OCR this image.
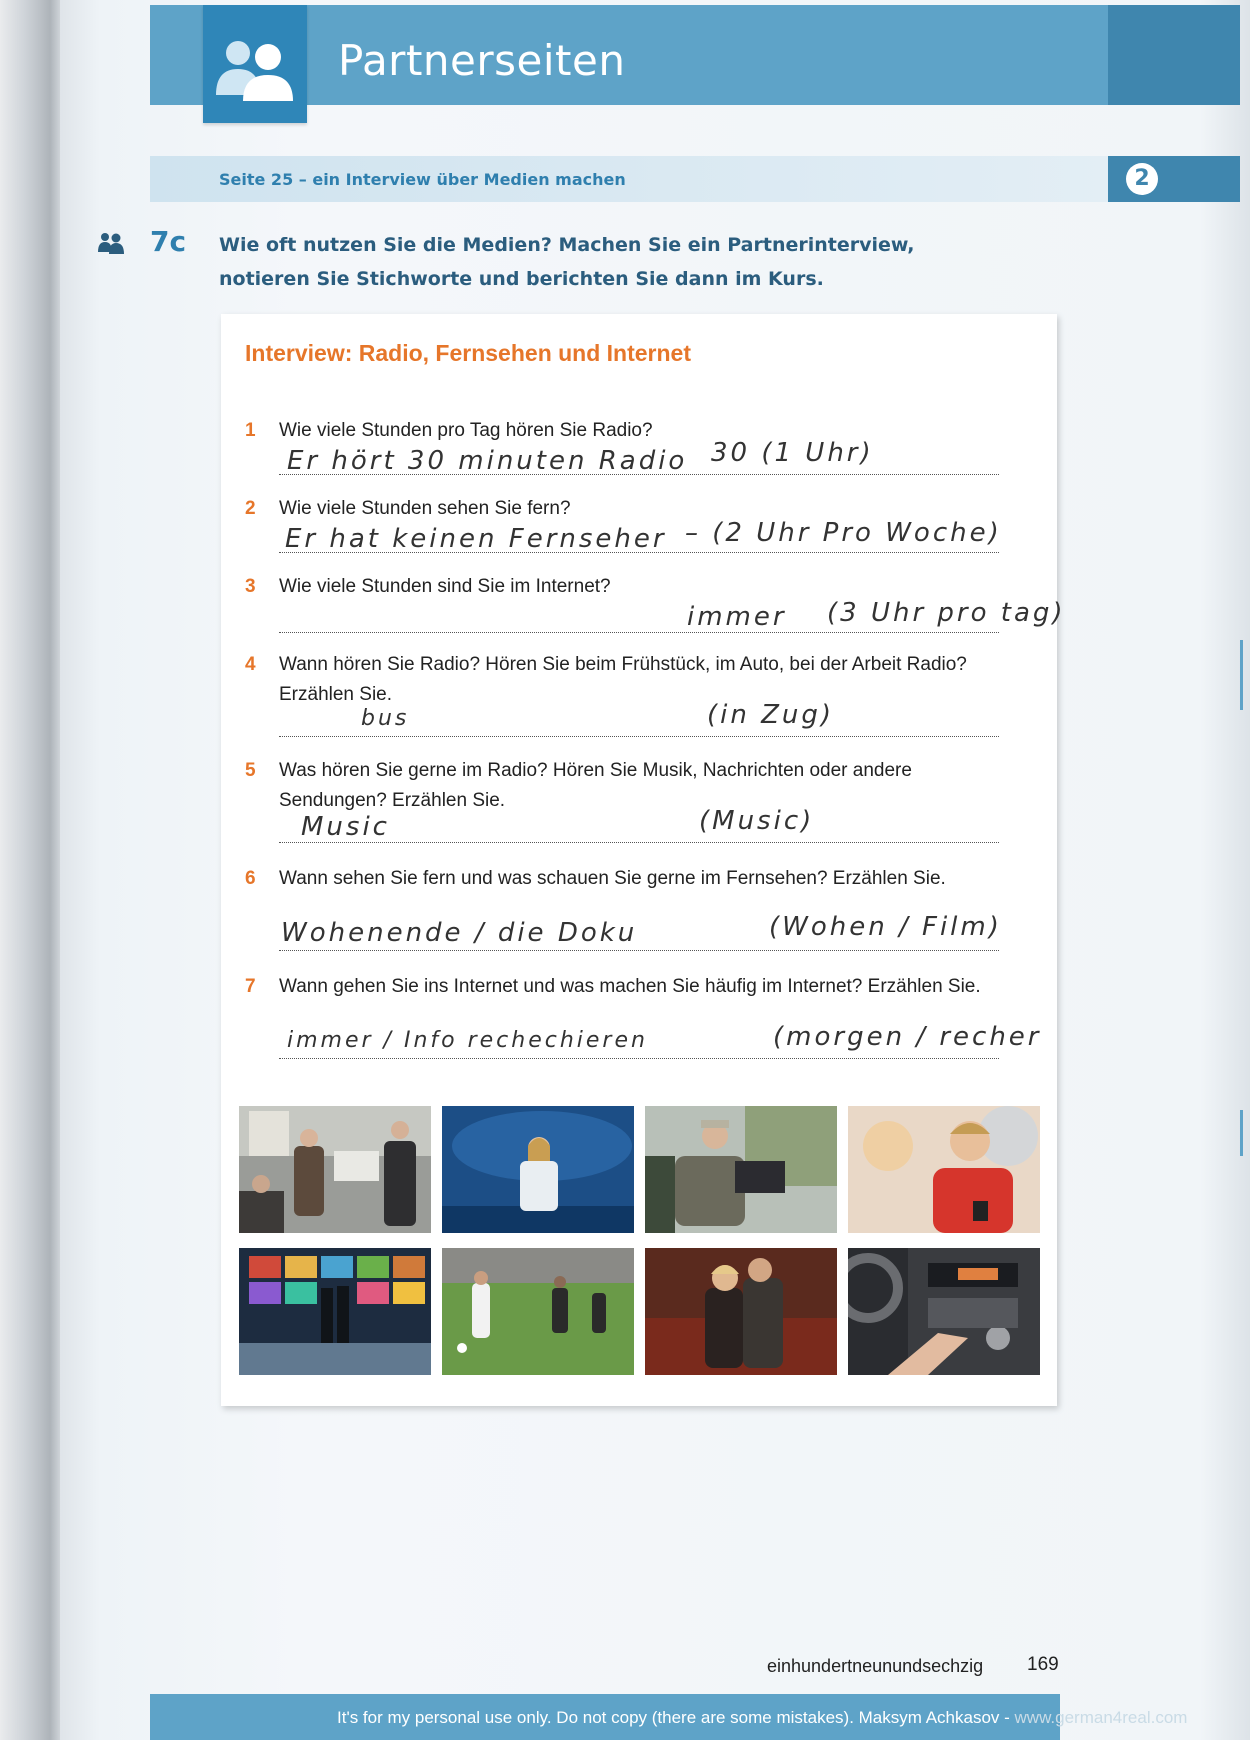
Partnerseiten
Seite 25 – ein Interview über Medien machen	2
7c Wie oft nutzen Sie die Medien? Machen Sie ein Partnerinterview, notieren Sie Stichworte und berichten Sie dann im Kurs.
Interview: Radio, Fernsehen und Internet
1 Wie viele Stunden pro Tag hören Sie Radio?
Er hört 30 minuten Radio 30 (1 Uhr)
2 Wie viele Stunden sehen Sie fern?
Er hat keinen Fernseher – (2 Uhr Pro Woche)
3 Wie viele Stunden sind Sie im Internet?
immer (3 Uhr pro tag)
4 Wann hören Sie Radio? Hören Sie beim Frühstück, im Auto, bei der Arbeit Radio? Erzählen Sie.
bus	(in Zug)
5 Was hören Sie gerne im Radio? Hören Sie Musik, Nachrichten oder andere Sendungen? Erzählen Sie.
Music	(Music)
6 Wann sehen Sie fern und was schauen Sie gerne im Fernsehen? Erzählen Sie.
Wohenende / die Doku	(Wohen / Film)
7 Wann gehen Sie ins Internet und was machen Sie häufig im Internet? Erzählen Sie.
immer / Info rechechieren	(morgen / recher
einhundertneunundsechzig 169
It's for my personal use only. Do not copy (there are some mistakes). Maksym Achkasov - www.german4real.com
